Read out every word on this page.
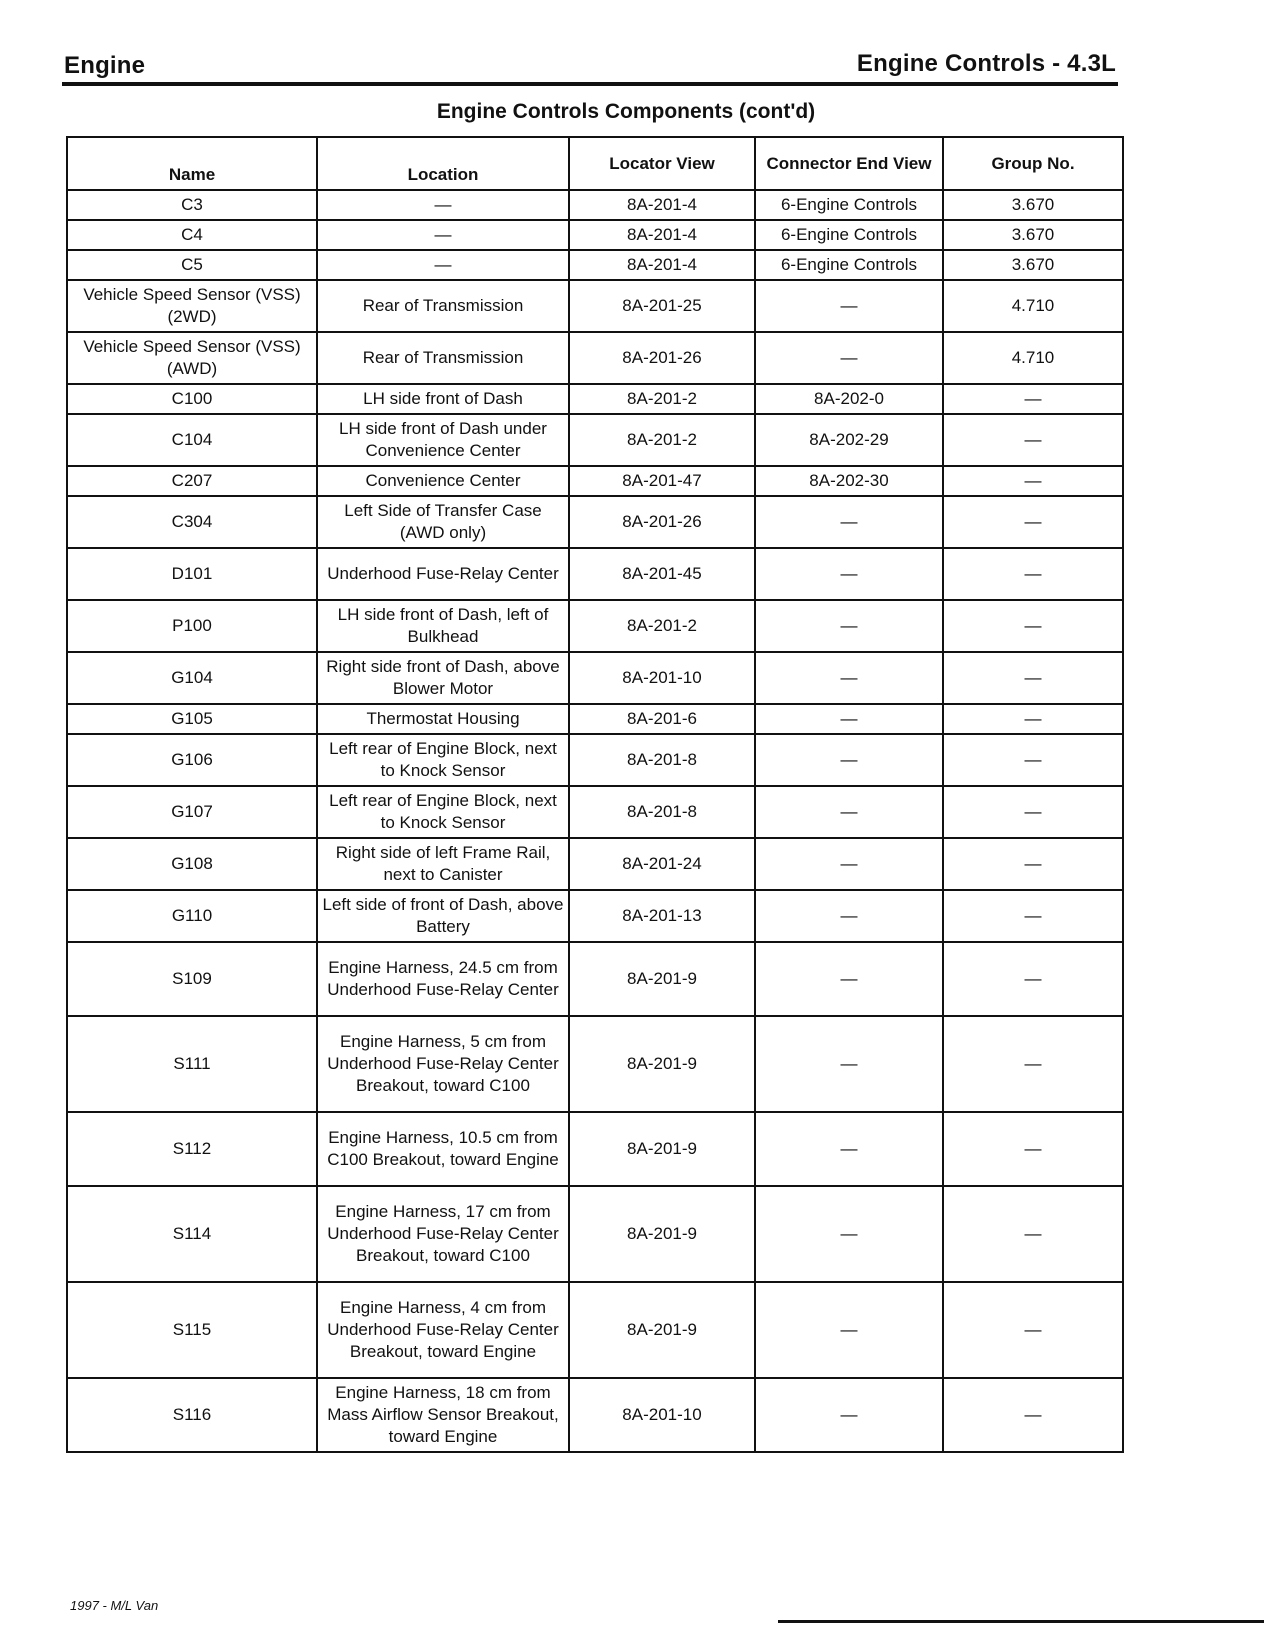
Engine	Engine Controls - 4.3L
Engine Controls Components (cont'd)
Name	Location	Locator View	Connector End View	Group No.
C3	—	8A-201-4	6-Engine Controls	3.670
C4	—	8A-201-4	6-Engine Controls	3.670
C5	—	8A-201-4	6-Engine Controls	3.670
Vehicle Speed Sensor (VSS) (2WD)	Rear of Transmission	8A-201-25	—	4.710
Vehicle Speed Sensor (VSS) (AWD)	Rear of Transmission	8A-201-26	—	4.710
C100	LH side front of Dash	8A-201-2	8A-202-0	—
C104	LH side front of Dash under Convenience Center	8A-201-2	8A-202-29	—
C207	Convenience Center	8A-201-47	8A-202-30	—
C304	Left Side of Transfer Case (AWD only)	8A-201-26	—	—
D101	Underhood Fuse-Relay Center	8A-201-45	—	—
P100	LH side front of Dash, left of Bulkhead	8A-201-2	—	—
G104	Right side front of Dash, above Blower Motor	8A-201-10	—	—
G105	Thermostat Housing	8A-201-6	—	—
G106	Left rear of Engine Block, next to Knock Sensor	8A-201-8	—	—
G107	Left rear of Engine Block, next to Knock Sensor	8A-201-8	—	—
G108	Right side of left Frame Rail, next to Canister	8A-201-24	—	—
G110	Left side of front of Dash, above Battery	8A-201-13	—	—
S109	Engine Harness, 24.5 cm from Underhood Fuse-Relay Center	8A-201-9	—	—
S111	Engine Harness, 5 cm from Underhood Fuse-Relay Center Breakout, toward C100	8A-201-9	—	—
S112	Engine Harness, 10.5 cm from C100 Breakout, toward Engine	8A-201-9	—	—
S114	Engine Harness, 17 cm from Underhood Fuse-Relay Center Breakout, toward C100	8A-201-9	—	—
S115	Engine Harness, 4 cm from Underhood Fuse-Relay Center Breakout, toward Engine	8A-201-9	—	—
S116	Engine Harness, 18 cm from Mass Airflow Sensor Breakout, toward Engine	8A-201-10	—	—
1997 - M/L Van
